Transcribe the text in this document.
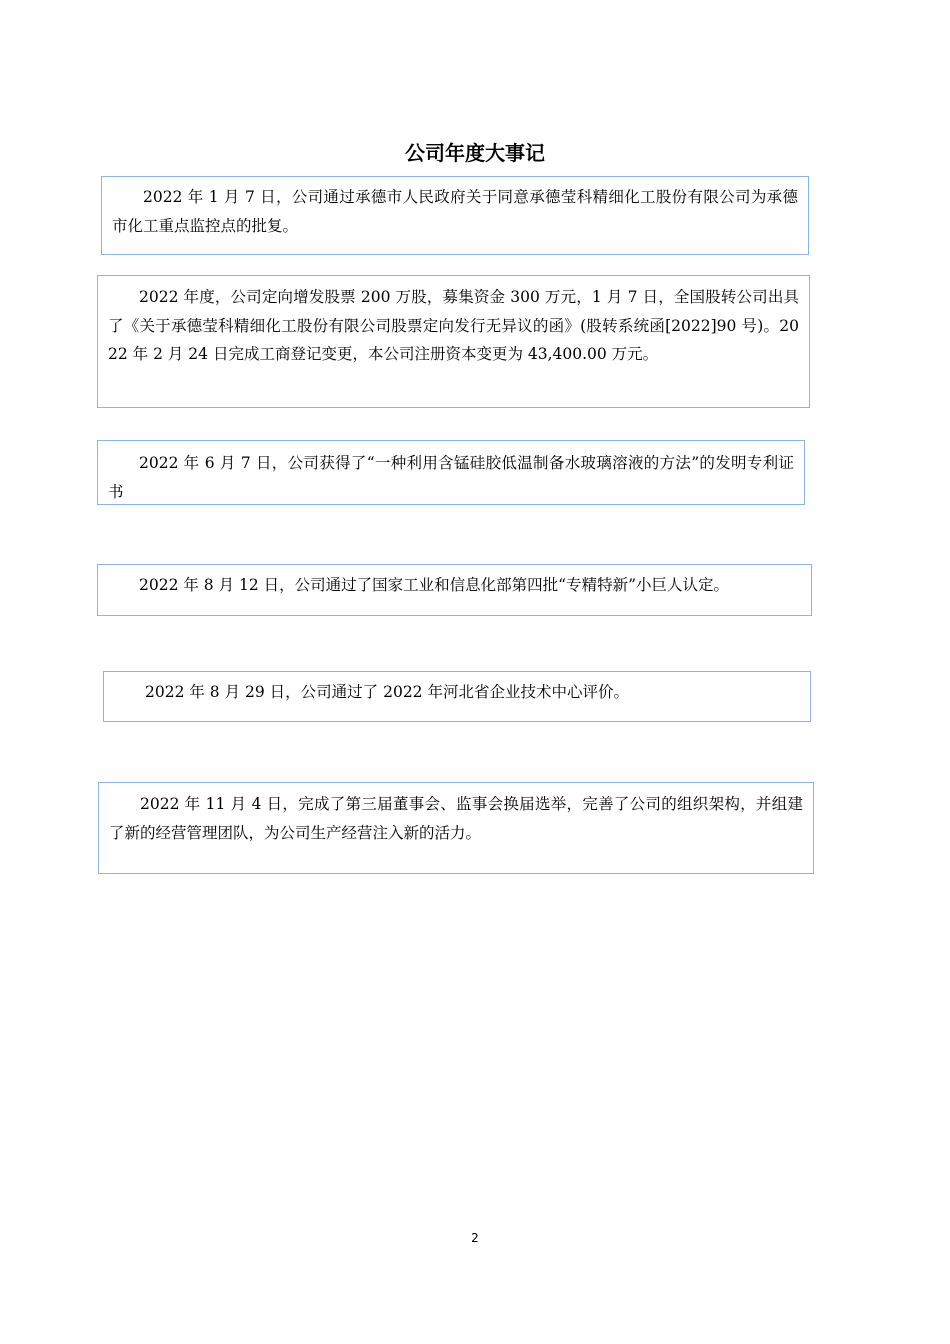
公司年度大事记

2022 年 1 月 7 日，公司通过承德市人民政府关于同意承德莹科精细化工股份有限公司为承德市化工重点监控点的批复。

2022 年度，公司定向增发股票 200 万股，募集资金 300 万元，1 月 7 日，全国股转公司出具了《关于承德莹科精细化工股份有限公司股票定向发行无异议的函》(股转系统函[2022]90 号)。2022 年 2 月 24 日完成工商登记变更，本公司注册资本变更为 43,400.00 万元。

2022 年 6 月 7 日，公司获得了“一种利用含锰硅胶低温制备水玻璃溶液的方法”的发明专利证书

2022 年 8 月 12 日，公司通过了国家工业和信息化部第四批“专精特新”小巨人认定。

2022 年 8 月 29 日，公司通过了 2022 年河北省企业技术中心评价。

2022 年 11 月 4 日，完成了第三届董事会、监事会换届选举，完善了公司的组织架构，并组建了新的经营管理团队，为公司生产经营注入新的活力。

2
